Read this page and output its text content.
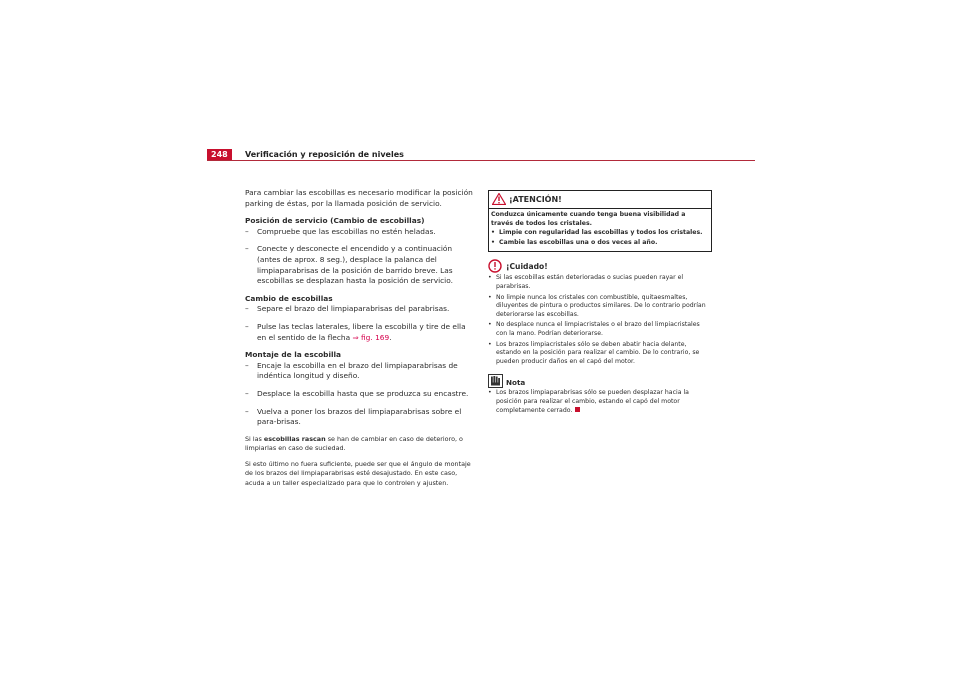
248	Verificación y reposición de niveles

Para cambiar las escobillas es necesario modificar la posición parking de éstas, por la llamada posición de servicio.

Posición de servicio (Cambio de escobillas)

– Compruebe que las escobillas no estén heladas.
– Conecte y desconecte el encendido y a continuación (antes de aprox. 8 seg.), desplace la palanca del limpiaparabrisas de la posición de barrido breve. Las escobillas se desplazan hasta la posición de servicio.

Cambio de escobillas

– Separe el brazo del limpiaparabrisas del parabrisas.
– Pulse las teclas laterales, libere la escobilla y tire de ella en el sentido de la flecha ⇒ fig. 169.

Montaje de la escobilla

– Encaje la escobilla en el brazo del limpiaparabrisas de indéntica longitud y diseño.
– Desplace la escobilla hasta que se produzca su encastre.
– Vuelva a poner los brazos del limpiaparabrisas sobre el para-brisas.

Si las escobillas rascan se han de cambiar en caso de deterioro, o limpiarlas en caso de suciedad.

Si esto último no fuera suficiente, puede ser que el ángulo de montaje de los brazos del limpiaparabrisas esté desajustado. En este caso, acuda a un taller especializado para que lo controlen y ajusten.

¡ATENCIÓN!

Conduzca únicamente cuando tenga buena visibilidad a través de todos los cristales.

• Limpie con regularidad las escobillas y todos los cristales.

• Cambie las escobillas una o dos veces al año.

¡Cuidado!

• Si las escobillas están deterioradas o sucias pueden rayar el parabrisas.

• No limpie nunca los cristales con combustible, quitaesmaltes, diluyentes de pintura o productos similares. De lo contrario podrían deteriorarse las escobillas.

• No desplace nunca el limpiacristales o el brazo del limpiacristales con la mano. Podrían deteriorarse.

• Los brazos limpiacristales sólo se deben abatir hacia delante, estando en la posición para realizar el cambio. De lo contrario, se pueden producir daños en el capó del motor.

Nota

• Los brazos limpiaparabrisas sólo se pueden desplazar hacia la posición para realizar el cambio, estando el capó del motor completamente cerrado.
